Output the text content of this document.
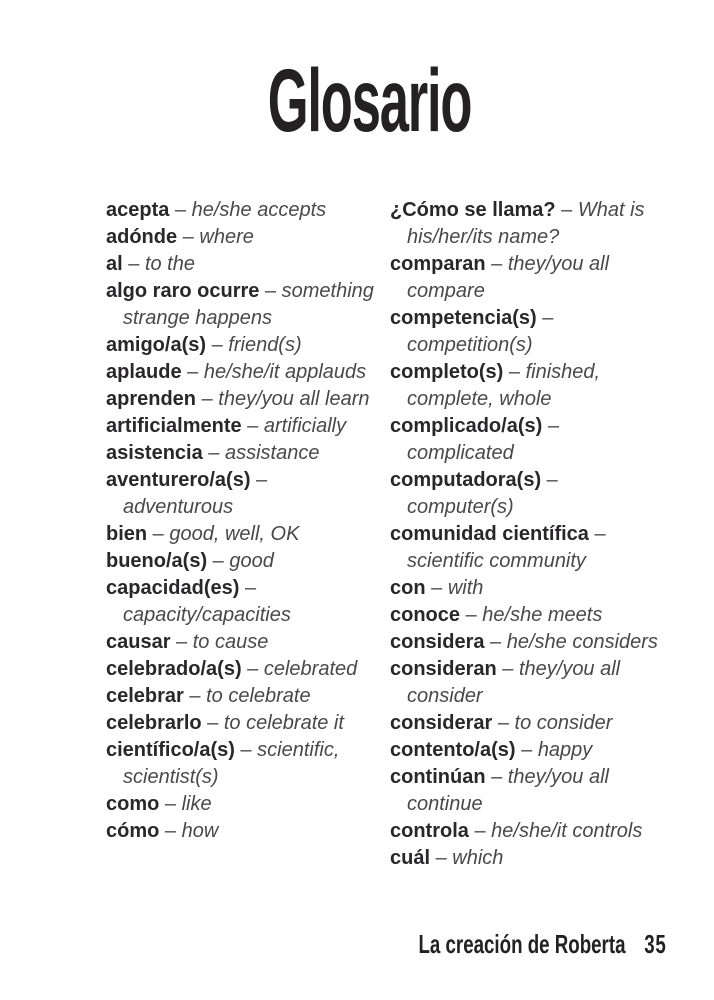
Glosario

acepta – he/she accepts

adónde – where

al – to the

algo raro ocurre – something strange happens

amigo/a(s) – friend(s)

aplaude – he/she/it applauds

aprenden – they/you all learn

artificialmente – artificially

asistencia – assistance

aventurero/a(s) – adventurous

bien – good, well, OK

bueno/a(s) – good

capacidad(es) – capacity/capacities

causar – to cause

celebrado/a(s) – celebrated

celebrar – to celebrate

celebrarlo – to celebrate it

científico/a(s) – scientific, scientist(s)

como – like

cómo – how

¿Cómo se llama? – What is his/her/its name?

comparan – they/you all compare

competencia(s) – competition(s)

completo(s) – finished, complete, whole

complicado/a(s) – complicated

computadora(s) – computer(s)

comunidad científica – scientific community

con – with

conoce – he/she meets

considera – he/she considers

consideran – they/you all consider

considerar – to consider

contento/a(s) – happy

continúan – they/you all continue

controla – he/she/it controls

cuál – which

La creación de Roberta 35
